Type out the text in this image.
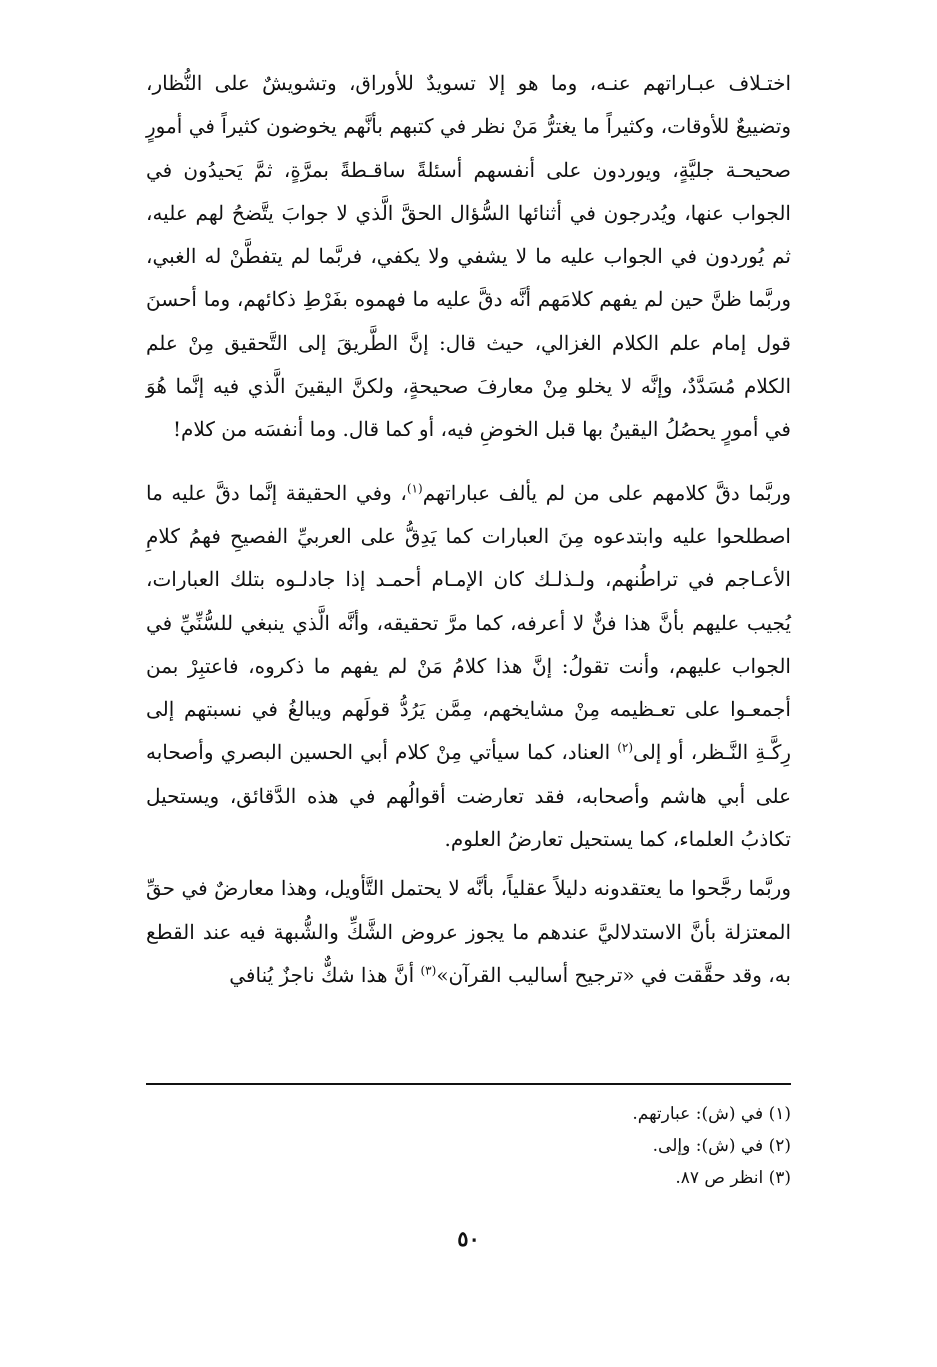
اختـلاف عبـاراتهم عنـه، وما هو إلا تسويدٌ للأوراق، وتشويشٌ على النُّظار، وتضييعٌ للأوقات، وكثيراً ما يغترُّ مَنْ نظر في كتبهم بأنَّهم يخوضون كثيراً في أمورٍ صحيحـة جليَّةٍ، ويوردون على أنفسهم أسئلةً ساقـطةً بمرَّةٍ، ثمَّ يَحيدُون في الجواب عنها، ويُدرجون في أثنائها السُّؤال الحقَّ الَّذي لا جوابَ يتَّضحُ لهم عليه، ثم يُوردون في الجواب عليه ما لا يشفي ولا يكفي، فربَّما لم يتفطَّنْ له الغبي، وربَّما ظنَّ حين لم يفهم كلامَهم أنَّه دقَّ عليه ما فهموه بفَرْطِ ذكائهم، وما أحسنَ قول إمام علم الكلام الغزالي، حيث قال: إنَّ الطَّريقَ إلى التَّحقيق مِنْ علم الكلام مُسَدَّدٌ، وإنَّه لا يخلو مِنْ معارفَ صحيحةٍ، ولكنَّ اليقينَ الَّذي فيه إنَّما هُوَ في أمورٍ يحصُلُ اليقينُ بها قبل الخوضِ فيه، أو كما قال. وما أنفسَه من كلام!

وربَّما دقَّ كلامهم على من لم يألف عباراتهم$^{(١)}$، وفي الحقيقة إنَّما دقَّ عليه ما اصطلحوا عليه وابتدعوه مِنَ العبارات كما يَدِقُّ على العربيِّ الفصيحِ فهمُ كلامِ الأعـاجم في تراطُنهم، ولـذلـك كان الإمـام أحمـد إذا جادلـوه بتلك العبارات، يُجيب عليهم بأنَّ هذا فنٌّ لا أعرفه، كما مرَّ تحقيقه، وأنَّه الَّذي ينبغي للسُّنِّيِّ في الجواب عليهم، وأنت تقولُ: إنَّ هذا كلامُ مَنْ لم يفهم ما ذكروه، فاعتبِرْ بمن أجمعـوا على تعـظيمه مِنْ مشايخهم، مِمَّن يَرُدُّ قولَهم ويبالغُ في نسبتهم إلى رِكَّـةِ النَّـظر، أو إلى$^{(٢)}$ العناد، كما سيأتي مِنْ كلام أبي الحسين البصري وأصحابه على أبي هاشم وأصحابه، فقد تعارضت أقوالُهم في هذه الدَّقائق، ويستحيل تكاذبُ العلماء، كما يستحيل تعارضُ العلوم.

وربَّما رجَّحوا ما يعتقدونه دليلاً عقلياً، بأنَّه لا يحتمل التَّأويل، وهذا معارضٌ في حقِّ المعتزلة بأنَّ الاستدلاليَّ عندهم ما يجوز عروض الشَّكِّ والشُّبهة فيه عند القطع به، وقد حقَّقت في «ترجيح أساليب القرآن»$^{(٣)}$ أنَّ هذا شكٌّ ناجزٌ يُنافي

(١) في (ش): عبارتهم.

(٢) في (ش): وإلى.

(٣) انظر ص ٨٧.

٥٠
